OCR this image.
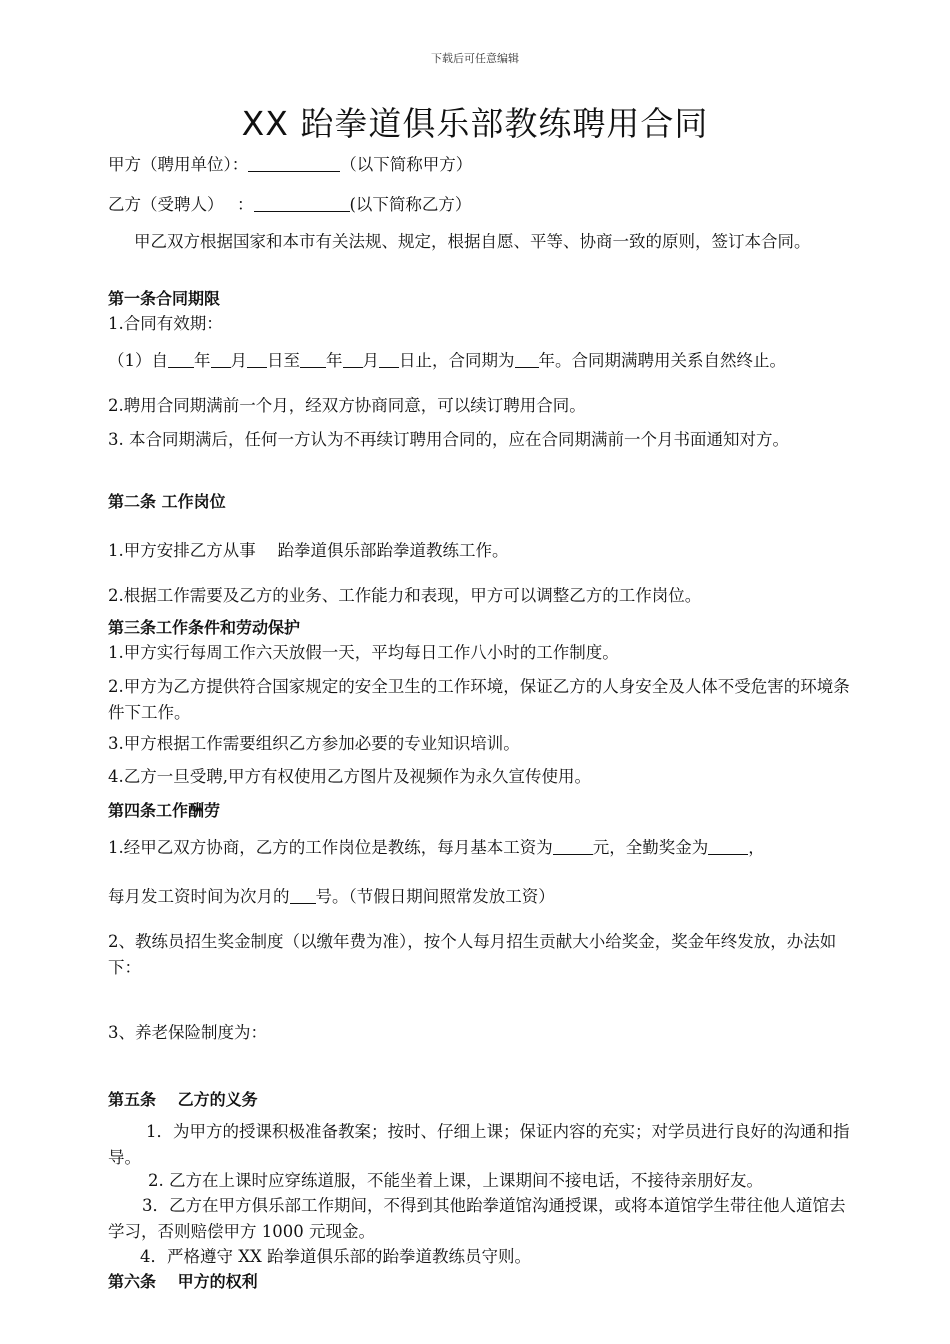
下载后可任意编辑
XX 跆拳道俱乐部教练聘用合同
甲方（聘用单位）：	（以下简称甲方）
乙方（受聘人）　 ：	(以下简称乙方）
甲乙双方根据国家和本市有关法规、规定，根据自愿、平等、协商一致的原则，签订本合同。
第一条合同期限
1.合同有效期：
（1）自 年 月 日至 年 月 日止，合同期为 年。合同期满聘用关系自然终止。
2.聘用合同期满前一个月，经双方协商同意，可以续订聘用合同。
3. 本合同期满后，任何一方认为不再续订聘用合同的，应在合同期满前一个月书面通知对方。
第二条 工作岗位
1.甲方安排乙方从事　 跆拳道俱乐部跆拳道教练工作。
2.根据工作需要及乙方的业务、工作能力和表现，甲方可以调整乙方的工作岗位。
第三条工作条件和劳动保护
1.甲方实行每周工作六天放假一天，平均每日工作八小时的工作制度。
2.甲方为乙方提供符合国家规定的安全卫生的工作环境，保证乙方的人身安全及人体不受危害的环境条件下工作。
3.甲方根据工作需要组织乙方参加必要的专业知识培训。
4.乙方一旦受聘,甲方有权使用乙方图片及视频作为永久宣传使用。
第四条工作酬劳
1.经甲乙双方协商，乙方的工作岗位是教练，每月基本工资为 元，全勤奖金为 ，
每月发工资时间为次月的 号。（节假日期间照常发放工资）
2、教练员招生奖金制度（以缴年费为准），按个人每月招生贡献大小给奖金，奖金年终发放，办法如下：
3、养老保险制度为：
第五条　 乙方的义务
1．为甲方的授课积极准备教案；按时、仔细上课；保证内容的充实；对学员进行良好的沟通和指导。
2. 乙方在上课时应穿练道服，不能坐着上课，上课期间不接电话，不接待亲朋好友。
3．乙方在甲方俱乐部工作期间，不得到其他跆拳道馆沟通授课，或将本道馆学生带往他人道馆去学习，否则赔偿甲方 1000 元现金。
4．严格遵守 XX 跆拳道俱乐部的跆拳道教练员守则。
第六条　 甲方的权利
